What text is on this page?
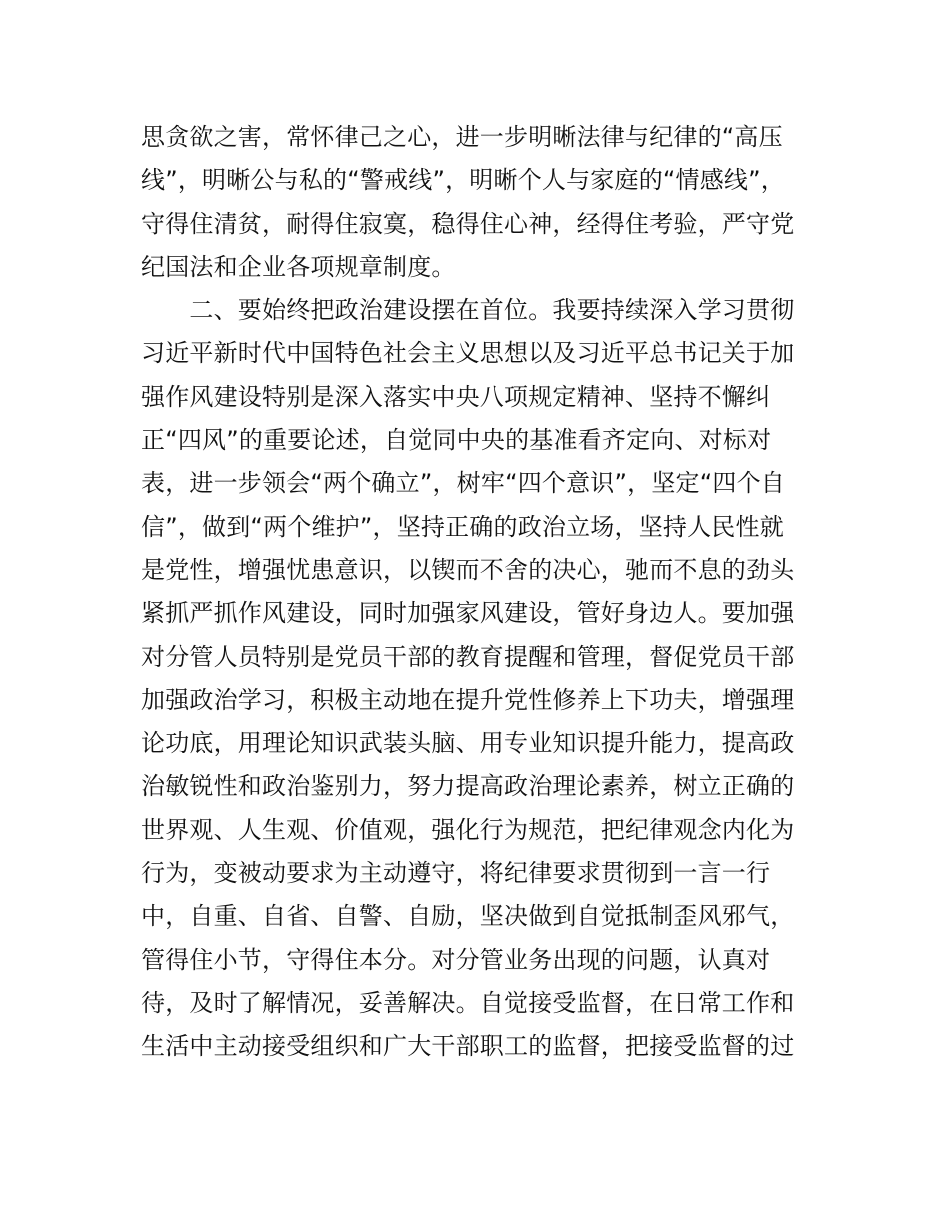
思贪欲之害，常怀律己之心，进一步明晰法律与纪律的“高压
线”，明晰公与私的“警戒线”，明晰个人与家庭的“情感线”，
守得住清贫，耐得住寂寞，稳得住心神，经得住考验，严守党
纪国法和企业各项规章制度。
　　二、要始终把政治建设摆在首位。我要持续深入学习贯彻
习近平新时代中国特色社会主义思想以及习近平总书记关于加
强作风建设特别是深入落实中央八项规定精神、坚持不懈纠
正“四风”的重要论述，自觉同中央的基准看齐定向、对标对
表，进一步领会“两个确立”，树牢“四个意识”，坚定“四个自
信”，做到“两个维护”，坚持正确的政治立场，坚持人民性就
是党性，增强忧患意识，以锲而不舍的决心，驰而不息的劲头
紧抓严抓作风建设，同时加强家风建设，管好身边人。要加强
对分管人员特别是党员干部的教育提醒和管理，督促党员干部
加强政治学习，积极主动地在提升党性修养上下功夫，增强理
论功底，用理论知识武装头脑、用专业知识提升能力，提高政
治敏锐性和政治鉴别力，努力提高政治理论素养，树立正确的
世界观、人生观、价值观，强化行为规范，把纪律观念内化为
行为，变被动要求为主动遵守，将纪律要求贯彻到一言一行
中，自重、自省、自警、自励，坚决做到自觉抵制歪风邪气，
管得住小节，守得住本分。对分管业务出现的问题，认真对
待，及时了解情况，妥善解决。自觉接受监督，在日常工作和
生活中主动接受组织和广大干部职工的监督，把接受监督的过
